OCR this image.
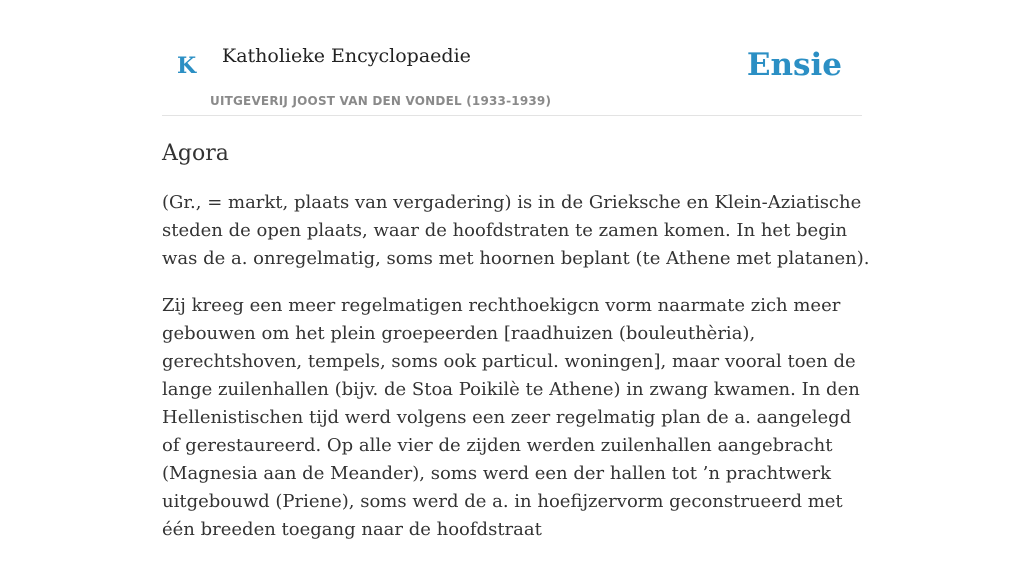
K Katholieke Encyclopaedie
UITGEVERIJ JOOST VAN DEN VONDEL (1933-1939)
Ensie
Agora

(Gr., = markt, plaats van vergadering) is in de Grieksche en Klein-Aziatische steden de open plaats, waar de hoofdstraten te zamen komen. In het begin was de a. onregelmatig, soms met hoornen beplant (te Athene met platanen).

Zij kreeg een meer regelmatigen rechthoekigcn vorm naarmate zich meer gebouwen om het plein groepeerden [raadhuizen (bouleuthèria), gerechtshoven, tempels, soms ook particul. woningen], maar vooral toen de lange zuilenhallen (bijv. de Stoa Poikilè te Athene) in zwang kwamen. In den Hellenistischen tijd werd volgens een zeer regelmatig plan de a. aangelegd of gerestaureerd. Op alle vier de zijden werden zuilenhallen aangebracht (Magnesia aan de Meander), soms werd een der hallen tot ’n prachtwerk uitgebouwd (Priene), soms werd de a. in hoefijzervorm geconstrueerd met één breeden toegang naar de hoofdstraat
